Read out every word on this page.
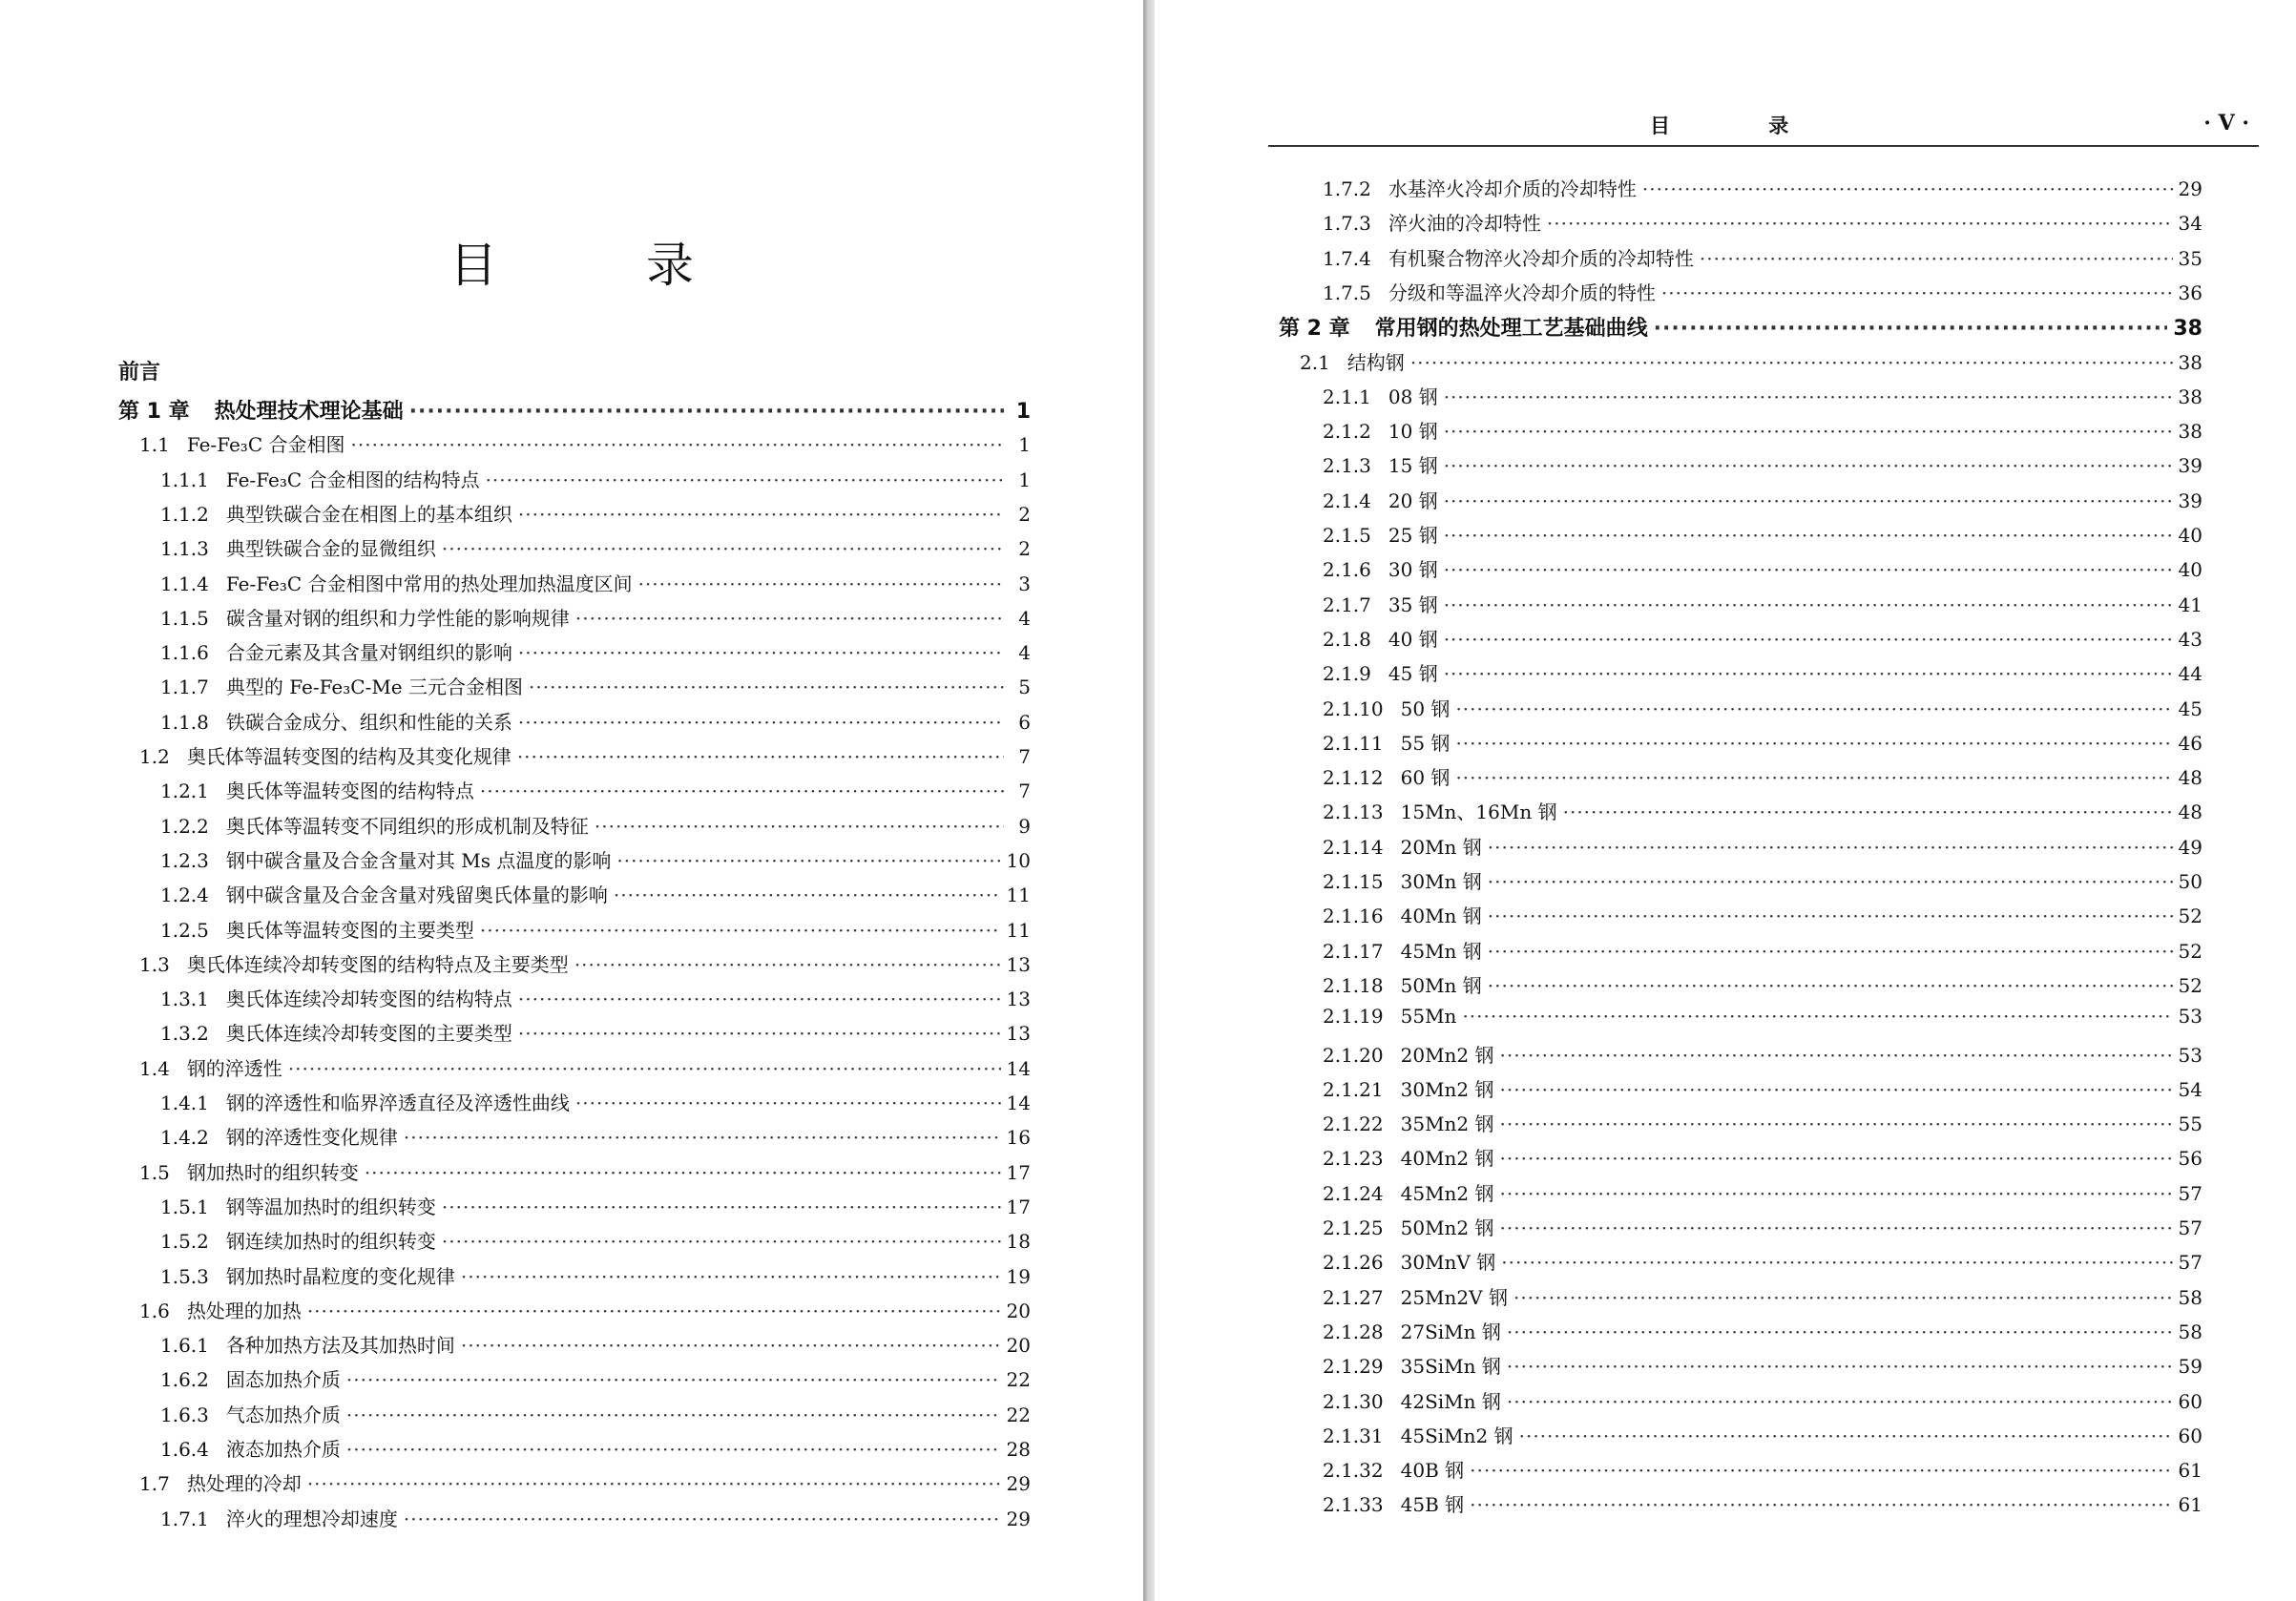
目 录
前言
第 1 章 热处理技术理论基础 ·····	1
1.1 Fe-Fe₃C 合金相图 ·····	1
1.1.1 Fe-Fe₃C 合金相图的结构特点 ·····	1
1.1.2 典型铁碳合金在相图上的基本组织 ·····	2
1.1.3 典型铁碳合金的显微组织 ·····	2
1.1.4 Fe-Fe₃C 合金相图中常用的热处理加热温度区间 ·····	3
1.1.5 碳含量对钢的组织和力学性能的影响规律 ·····	4
1.1.6 合金元素及其含量对钢组织的影响 ·····	4
1.1.7 典型的 Fe-Fe₃C-Me 三元合金相图 ·····	5
1.1.8 铁碳合金成分、组织和性能的关系 ·····	6
1.2 奥氏体等温转变图的结构及其变化规律 ·····	7
1.2.1 奥氏体等温转变图的结构特点 ·····	7
1.2.2 奥氏体等温转变不同组织的形成机制及特征 ·····	9
1.2.3 钢中碳含量及合金含量对其 Ms 点温度的影响 ·····	10
1.2.4 钢中碳含量及合金含量对残留奥氏体量的影响 ·····	11
1.2.5 奥氏体等温转变图的主要类型 ·····	11
1.3 奥氏体连续冷却转变图的结构特点及主要类型 ·····	13
1.3.1 奥氏体连续冷却转变图的结构特点 ·····	13
1.3.2 奥氏体连续冷却转变图的主要类型 ·····	13
1.4 钢的淬透性 ·····	14
1.4.1 钢的淬透性和临界淬透直径及淬透性曲线 ·····	14
1.4.2 钢的淬透性变化规律 ·····	16
1.5 钢加热时的组织转变 ·····	17
1.5.1 钢等温加热时的组织转变 ·····	17
1.5.2 钢连续加热时的组织转变 ·····	18
1.5.3 钢加热时晶粒度的变化规律 ·····	19
1.6 热处理的加热 ·····	20
1.6.1 各种加热方法及其加热时间 ·····	20
1.6.2 固态加热介质 ·····	22
1.6.3 气态加热介质 ·····	22
1.6.4 液态加热介质 ·····	28
1.7 热处理的冷却 ·····	29
1.7.1 淬火的理想冷却速度 ·····	29
目 录	· V ·
1.7.2 水基淬火冷却介质的冷却特性 ·····	29
1.7.3 淬火油的冷却特性 ·····	34
1.7.4 有机聚合物淬火冷却介质的冷却特性 ·····	35
1.7.5 分级和等温淬火冷却介质的特性 ·····	36
第 2 章 常用钢的热处理工艺基础曲线 ·····	38
2.1 结构钢 ·····	38
2.1.1 08 钢 ·····	38
2.1.2 10 钢 ·····	38
2.1.3 15 钢 ·····	39
2.1.4 20 钢 ·····	39
2.1.5 25 钢 ·····	40
2.1.6 30 钢 ·····	40
2.1.7 35 钢 ·····	41
2.1.8 40 钢 ·····	43
2.1.9 45 钢 ·····	44
2.1.10 50 钢 ·····	45
2.1.11 55 钢 ·····	46
2.1.12 60 钢 ·····	48
2.1.13 15Mn、16Mn 钢 ·····	48
2.1.14 20Mn 钢 ·····	49
2.1.15 30Mn 钢 ·····	50
2.1.16 40Mn 钢 ·····	52
2.1.17 45Mn 钢 ·····	52
2.1.18 50Mn 钢 ·····	52
2.1.19 55Mn ·····	53
2.1.20 20Mn2 钢 ·····	53
2.1.21 30Mn2 钢 ·····	54
2.1.22 35Mn2 钢 ·····	55
2.1.23 40Mn2 钢 ·····	56
2.1.24 45Mn2 钢 ·····	57
2.1.25 50Mn2 钢 ·····	57
2.1.26 30MnV 钢 ·····	57
2.1.27 25Mn2V 钢 ·····	58
2.1.28 27SiMn 钢 ·····	58
2.1.29 35SiMn 钢 ·····	59
2.1.30 42SiMn 钢 ·····	60
2.1.31 45SiMn2 钢 ·····	60
2.1.32 40B 钢 ·····	61
2.1.33 45B 钢 ·····	61
